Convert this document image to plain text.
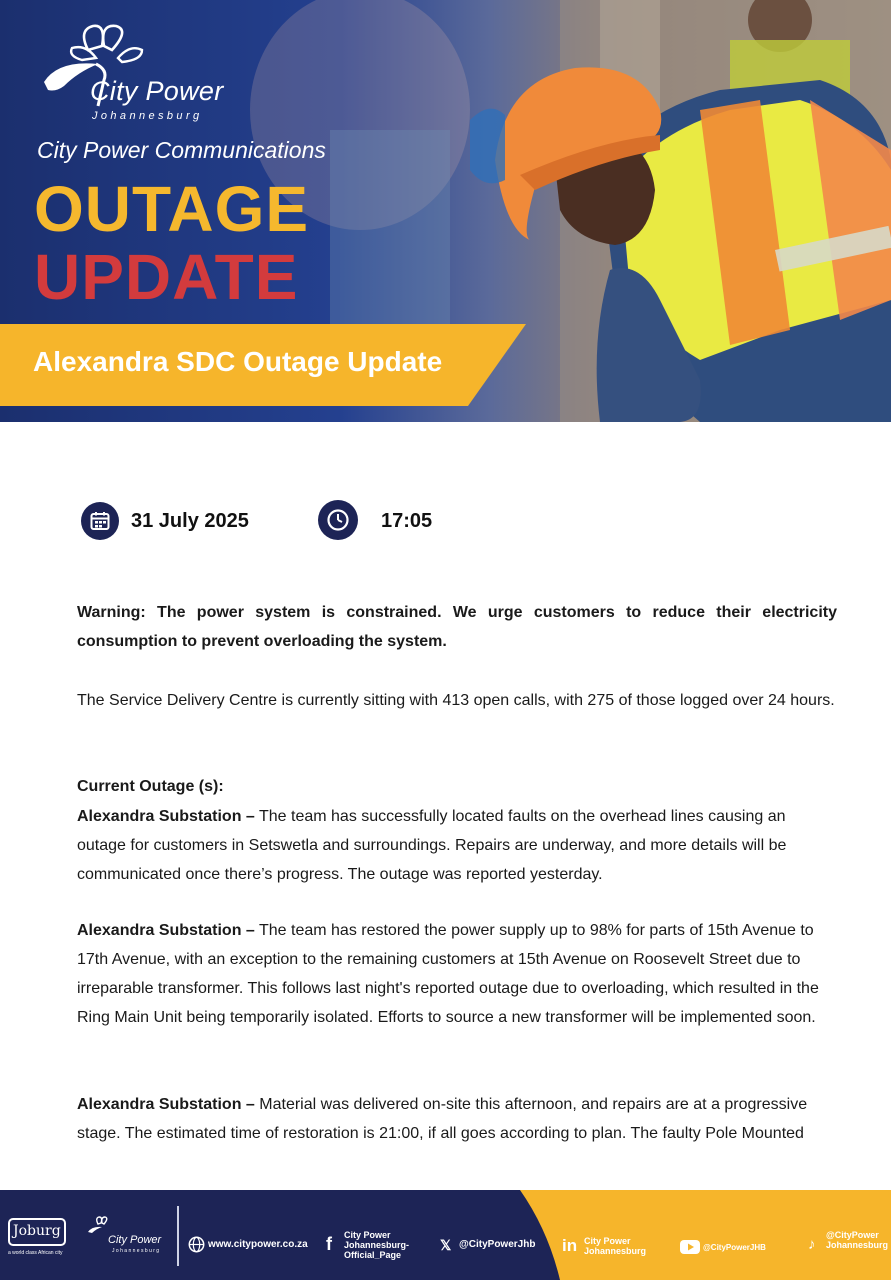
City Power
Johannesburg
City Power Communications
OUTAGE
UPDATE
Alexandra SDC Outage Update
31 July 2025	17:05

Warning: The power system is constrained. We urge customers to reduce their electricity consumption to prevent overloading the system.

The Service Delivery Centre is currently sitting with 413 open calls, with 275 of those logged over 24 hours.

Current Outage (s):

Alexandra Substation – The team has successfully located faults on the overhead lines causing an outage for customers in Setswetla and surroundings. Repairs are underway, and more details will be communicated once there’s progress. The outage was reported yesterday.

Alexandra Substation – The team has restored the power supply up to 98% for parts of 15th Avenue to 17th Avenue, with an exception to the remaining customers at 15th Avenue on Roosevelt Street due to irreparable transformer. This follows last night's reported outage due to overloading, which resulted in the Ring Main Unit being temporarily isolated. Efforts to source a new transformer will be implemented soon.

Alexandra Substation – Material was delivered on-site this afternoon, and repairs are at a progressive stage. The estimated time of restoration is 21:00, if all goes according to plan. The faulty Pole Mounted

Joburg
a world class African city
City Power
Johannesburg
www.citypower.co.za f City Power Johannesburg-Official_Page
𝕏 @CityPowerJhb in City Power Johannesburg	@CityPowerJHB	♪
@CityPower Johannesburg
